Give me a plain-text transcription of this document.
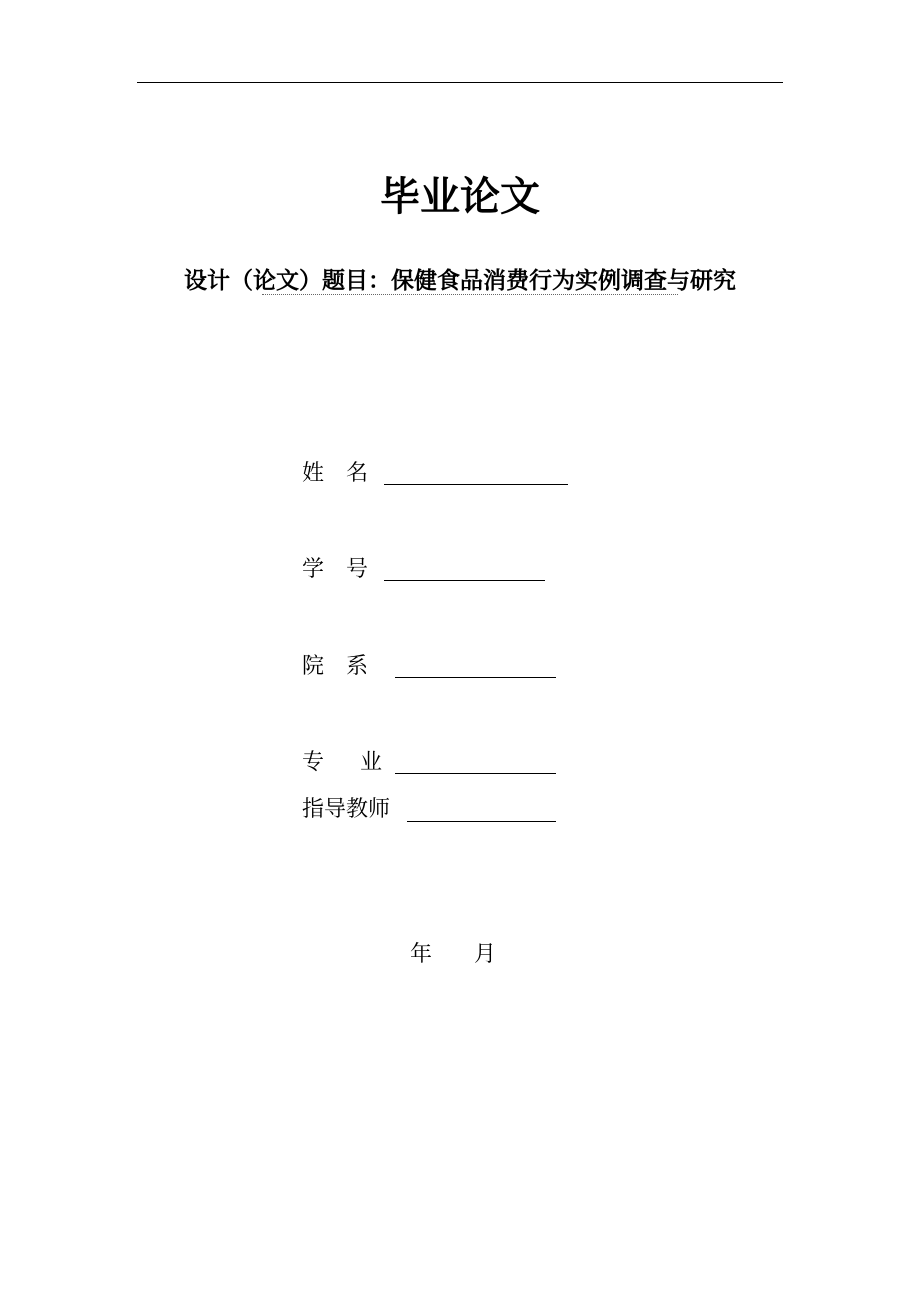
毕业论文
设计（论文）题目：保健食品消费行为实例调查与研究
姓　名
学　号
院　系
专　业
指导教师
年 月
